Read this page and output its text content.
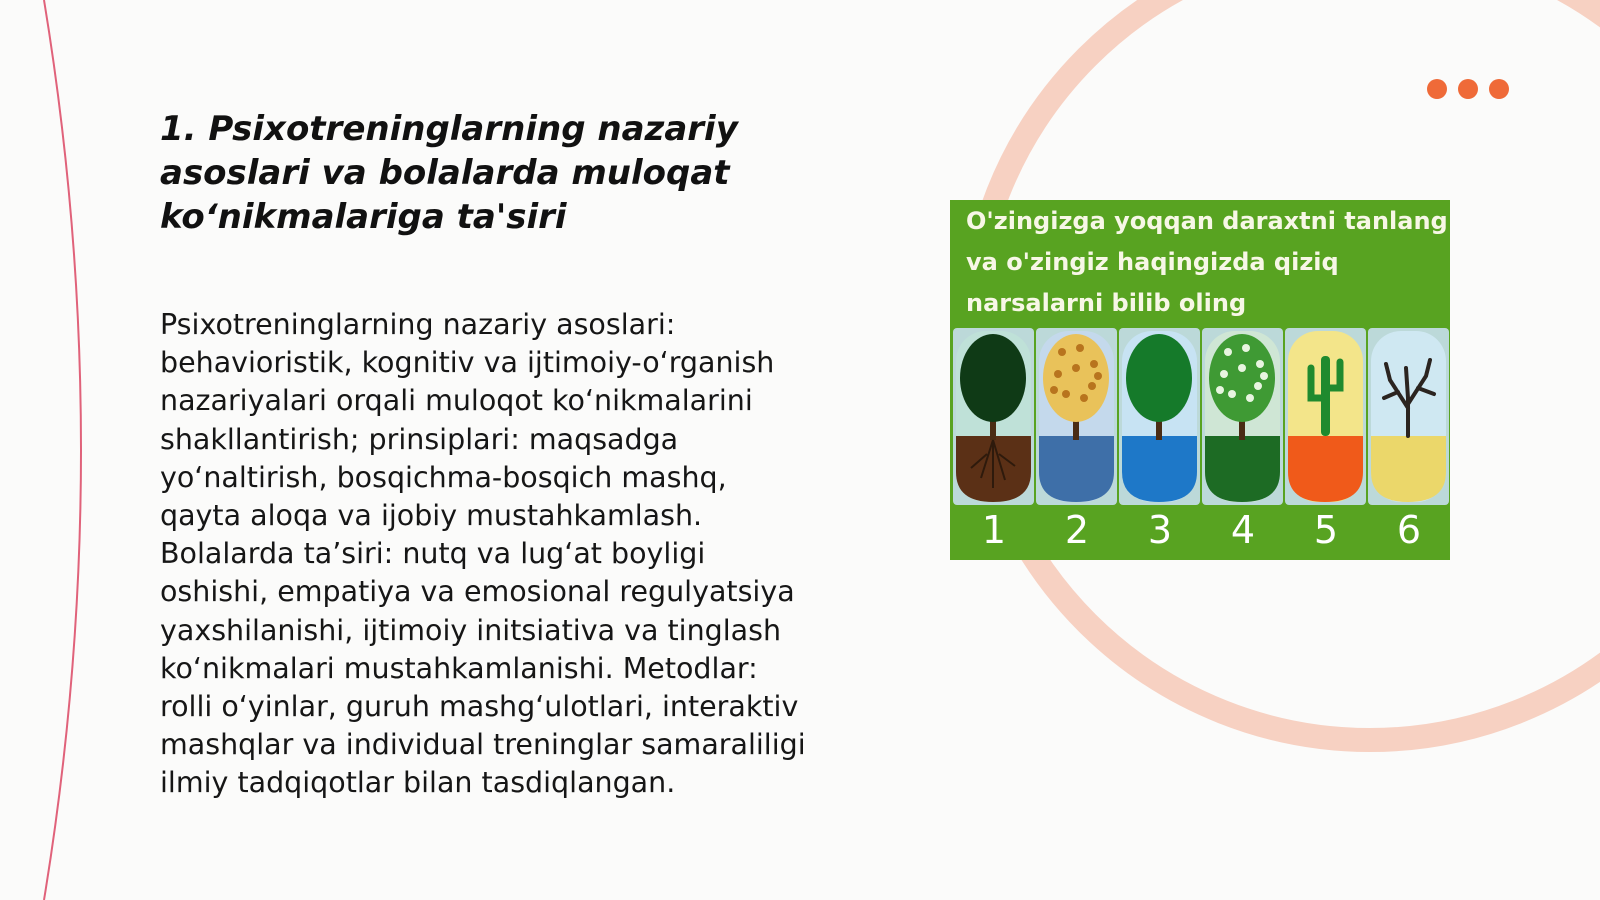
1. Psixotreninglarning nazariy
asoslari va bolalarda muloqat
ko‘nikmalariga ta'siri

Psixotreninglarning nazariy asoslari:
behavioristik, kognitiv va ijtimoiy-o‘rganish
nazariyalari orqali muloqot ko‘nikmalarini
shakllantirish; prinsiplari: maqsadga
yo‘naltirish, bosqichma-bosqich mashq,
qayta aloqa va ijobiy mustahkamlash.
Bolalarda ta’siri: nutq va lug‘at boyligi
oshishi, empatiya va emosional regulyatsiya
yaxshilanishi, ijtimoiy initsiativa va tinglash
ko‘nikmalari mustahkamlanishi. Metodlar:
rolli o‘yinlar, guruh mashg‘ulotlari, interaktiv
mashqlar va individual treninglar samaraliligi
ilmiy tadqiqotlar bilan tasdiqlangan.

O'zingizga yoqqan daraxtni tanlang
va o'zingiz haqingizda qiziq
narsalarni bilib oling

1	2	3	4	5	6
